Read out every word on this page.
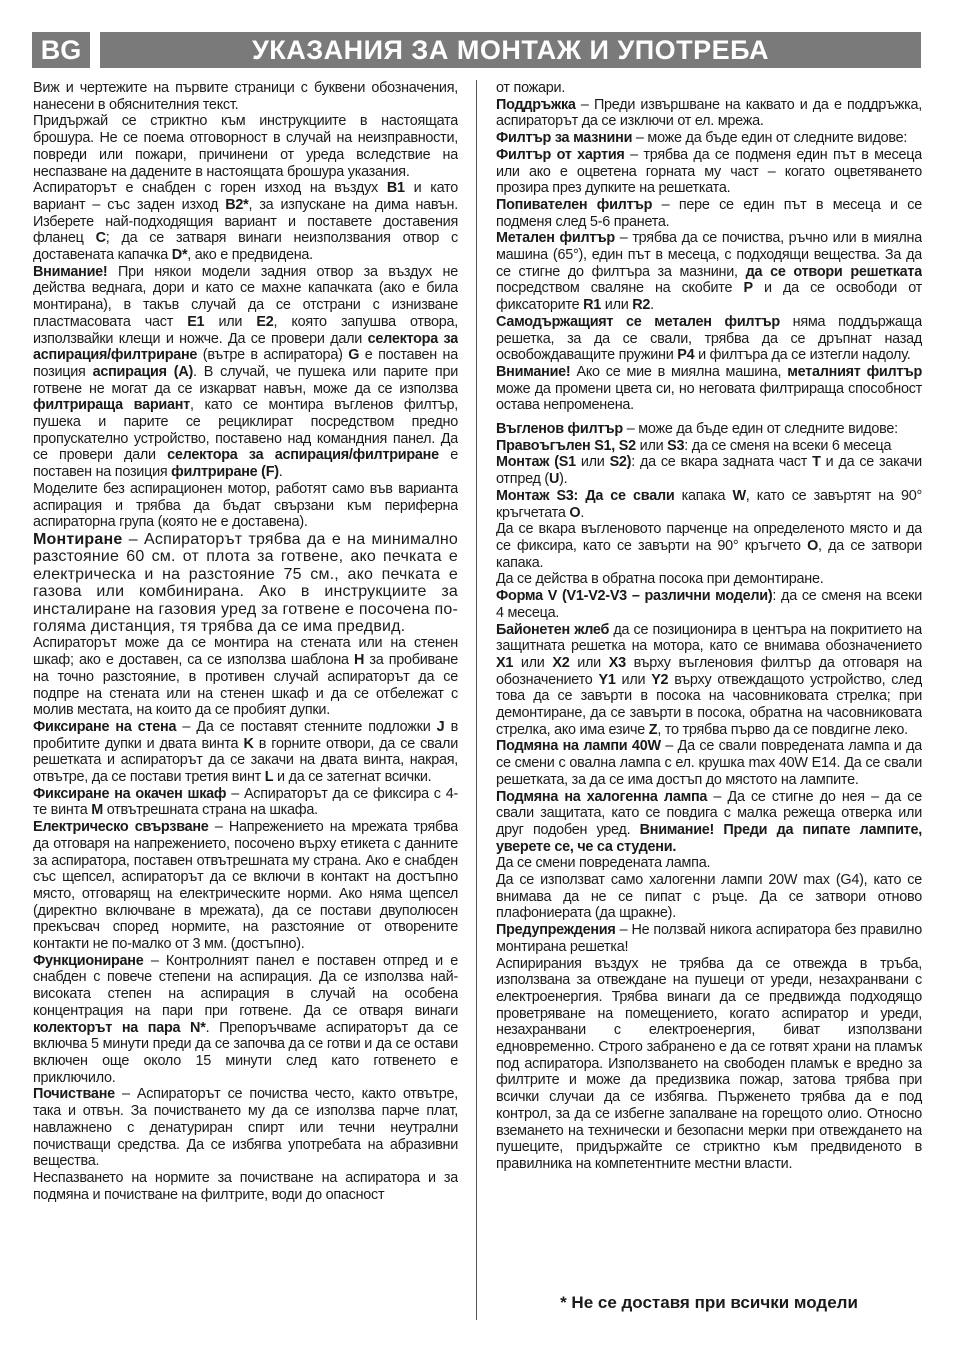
BG	УКАЗАНИЯ ЗА МОНТАЖ И УПОТРЕБА

Виж и чертежите на първите страници с буквени обозначения, нанесени в обяснителния текст.

Придържай се стриктно към инструкциите в настоящата брошура. Не се поема отговорност в случай на неизправности, повреди или пожари, причинени от уреда вследствие на неспазване на дадените в настоящата брошура указания.

Аспираторът е снабден с горен изход на въздух B1 и като вариант – със заден изход B2*, за изпускане на дима навън. Изберете най-подходящия вариант и поставете доставения фланец C; да се затваря винаги неизползвания отвор с доставената капачка D*, ако е предвидена.

Внимание! При някои модели задния отвор за въздух не действа веднага, дори и като се махне капачката (ако е била монтирана), в такъв случай да се отстрани с изнизване пластмасовата част E1 или E2, която запушва отвора, използвайки клещи и ножче. Да се провери дали селектора за аспирация/филтриране (вътре в аспиратора) G е поставен на позиция аспирация (A). В случай, че пушека или парите при готвене не могат да се изкарват навън, може да се използва филтрираща вариант, като се монтира въгленов филтър, пушека и парите се рециклират посредством предно пропускателно устройство, поставено над командния панел. Да се провери дали селектора за аспирация/филтриране е поставен на позиция филтриране (F).

Моделите без аспирационен мотор, работят само във варианта аспирация и трябва да бъдат свързани към периферна аспираторна група (която не е доставена).

Монтиране – Аспираторът трябва да е на минимално разстояние 60 см. от плота за готвене, ако печката е електрическа и на разстояние 75 см., ако печката е газова или комбинирана. Ако в инструкциите за инсталиране на газовия уред за готвене е посочена по-голяма дистанция, тя трябва да се има предвид.

Аспираторът може да се монтира на стената или на стенен шкаф; ако е доставен, са се използва шаблона H за пробиване на точно разстояние, в противен случай аспираторът да се подпре на стената или на стенен шкаф и да се отбележат с молив местата, на които да се пробият дупки.

Фиксиране на стена – Да се поставят стенните подложки J в пробитите дупки и двата винта K в горните отвори, да се свали решетката и аспираторът да се закачи на двата винта, накрая, отвътре, да се постави третия винт L и да се затегнат всички.

Фиксиране на окачен шкаф – Аспираторът да се фиксира с 4-те винта M отвътрешната страна на шкафа.

Електрическо свързване – Напрежението на мрежата трябва да отговаря на напрежението, посочено върху етикета с данните за аспиратора, поставен отвътрешната му страна. Ако е снабден със щепсел, аспираторът да се включи в контакт на достъпно място, отговарящ на електрическите норми. Ако няма щепсел (директно включване в мрежата), да се постави двуполюсен прекъсвач според нормите, на разстояние от отворените контакти не по-малко от 3 мм. (достъпно).

Функциониране – Контролният панел е поставен отпред и е снабден с повече степени на аспирация. Да се използва най-високата степен на аспирация в случай на особена концентрация на пари при готвене. Да се отваря винаги колекторът на пара N*. Препоръчваме аспираторът да се включва 5 минути преди да се започва да се готви и да се остави включен още около 15 минути след като готвенето е приключило.

Почистване – Аспираторът се почиства често, както отвътре, така и отвън. За почистването му да се използва парче плат, навлажнено с денатуриран спирт или течни неутрални почистващи средства. Да се избягва употребата на абразивни вещества.

Неспазването на нормите за почистване на аспиратора и за подмяна и почистване на филтрите, води до опасност

от пожари.

Поддръжка – Преди извършване на каквато и да е поддръжка, аспираторът да се изключи от ел. мрежа.

Филтър за мазнини – може да бъде един от следните видове:

Филтър от хартия – трябва да се подменя един път в месеца или ако е оцветена горната му част – когато оцветяването прозира през дупките на решетката.

Попивателен филтър – пере се един път в месеца и се подменя след 5-6 пранета.

Метален филтър – трябва да се почиства, ръчно или в миялна машина (65°), един път в месеца, с подходящи вещества. За да се стигне до филтъра за мазнини, да се отвори решетката посредством сваляне на скобите P и да се освободи от фиксаторите R1 или R2.

Самодържащият се метален филтър няма поддържаща решетка, за да се свали, трябва да се дръпнат назад освобождаващите пружини P4 и филтъра да се изтегли надолу.

Внимание! Ако се мие в миялна машина, металният филтър може да промени цвета си, но неговата филтрираща способност остава непроменена.

Въгленов филтър – може да бъде един от следните видове:

Правоъгълен S1, S2 или S3: да се сменя на всеки 6 месеца

Монтаж (S1 или S2): да се вкара задната част T и да се закачи отпред (U).

Монтаж S3: Да се свали капака W, като се завъртят на 90° кръгчетата O.

Да се вкара въгленовото парченце на определеното място и да се фиксира, като се завърти на 90° кръгчето O, да се затвори капака.

Да се действа в обратна посока при демонтиране.

Форма V (V1-V2-V3 – различни модели): да се сменя на всеки 4 месеца.

Байонетен жлеб да се позиционира в центъра на покритието на защитната решетка на мотора, като се внимава обозначението X1 или X2 или X3 върху въгленовия филтър да отговаря на обозначението Y1 или Y2 върху отвеждащото устройство, след това да се завърти в посока на часовниковата стрелка; при демонтиране, да се завърти в посока, обратна на часовниковата стрелка, ако има езиче Z, то трябва първо да се повдигне леко.

Подмяна на лампи 40W – Да се свали повредената лампа и да се смени с овална лампа с ел. крушка max 40W E14. Да се свали решетката, за да се има достъп до мястото на лампите.

Подмяна на халогенна лампа – Да се стигне до нея – да се свали защитата, като се повдига с малка режеща отверка или друг подобен уред. Внимание! Преди да пипате лампите, уверете се, че са студени.

Да се смени повредената лампа.

Да се използват само халогенни лампи 20W max (G4), като се внимава да не се пипат с ръце. Да се затвори отново плафониерата (да щракне).

Предупреждения – Не ползвай никога аспиратора без правилно монтирана решетка!

Аспирирания въздух не трябва да се отвежда в тръба, използвана за отвеждане на пушеци от уреди, незахранвани с електроенергия. Трябва винаги да се предвижда подходящо проветряване на помещението, когато аспиратор и уреди, незахранвани с електроенергия, биват използвани едновременно. Строго забранено е да се готвят храни на пламък под аспиратора. Използването на свободен пламък е вредно за филтрите и може да предизвика пожар, затова трябва при всички случаи да се избягва. Пърженето трябва да е под контрол, за да се избегне запалване на горещото олио. Относно вземането на технически и безопасни мерки при отвеждането на пушеците, придържайте се стриктно към предвиденото в правилника на компетентните местни власти.

* Не се доставя при всички модели
